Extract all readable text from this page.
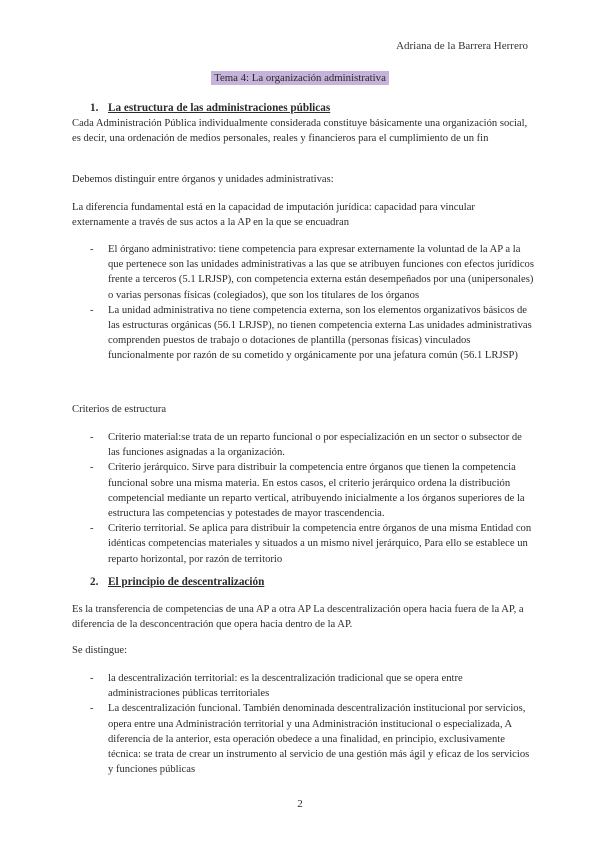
Adriana de la Barrera Herrero
Tema 4: La organización administrativa
1. La estructura de las administraciones públicas
Cada Administración Pública individualmente considerada constituye básicamente una organización social, es decir, una ordenación de medios personales, reales y financieros para el cumplimiento de un fin
Debemos distinguir entre órganos y unidades administrativas:
La diferencia fundamental está en la capacidad de imputación jurídica: capacidad para vincular externamente a través de sus actos a la AP en la que se encuadran
- El órgano administrativo: tiene competencia para expresar externamente la voluntad de la AP a la que pertenece son las unidades administrativas a las que se atribuyen funciones con efectos jurídicos frente a terceros (5.1 LRJSP), con competencia externa están desempeñados por una (unipersonales) o varias personas físicas (colegiados), que son los titulares de los órganos
- La unidad administrativa no tiene competencia externa, son los elementos organizativos básicos de las estructuras orgánicas (56.1 LRJSP), no tienen competencia externa Las unidades administrativas comprenden puestos de trabajo o dotaciones de plantilla (personas físicas) vinculados funcionalmente por razón de su cometido y orgánicamente por una jefatura común (56.1 LRJSP)
Criterios de estructura
- Criterio material:se trata de un reparto funcional o por especialización en un sector o subsector de las funciones asignadas a la organización.
- Criterio jerárquico. Sirve para distribuir la competencia entre órganos que tienen la competencia funcional sobre una misma materia. En estos casos, el criterio jerárquico ordena la distribución competencial mediante un reparto vertical, atribuyendo inicialmente a los órganos superiores de la estructura las competencias y potestades de mayor trascendencia.
- Criterio territorial. Se aplica para distribuir la competencia entre órganos de una misma Entidad con idénticas competencias materiales y situados a un mismo nivel jerárquico, Para ello se establece un reparto horizontal, por razón de territorio
2. El principio de descentralización
Es la transferencia de competencias de una AP a otra AP La descentralización opera hacia fuera de la AP, a diferencia de la desconcentración que opera hacia dentro de la AP.
Se distingue:
- la descentralización territorial: es la descentralización tradicional que se opera entre administraciones públicas territoriales
- La descentralización funcional. También denominada descentralización institucional por servicios, opera entre una Administración territorial y una Administración institucional o especializada, A diferencia de la anterior, esta operación obedece a una finalidad, en principio, exclusivamente técnica: se trata de crear un instrumento al servicio de una gestión más ágil y eficaz de los servicios y funciones públicas
2
